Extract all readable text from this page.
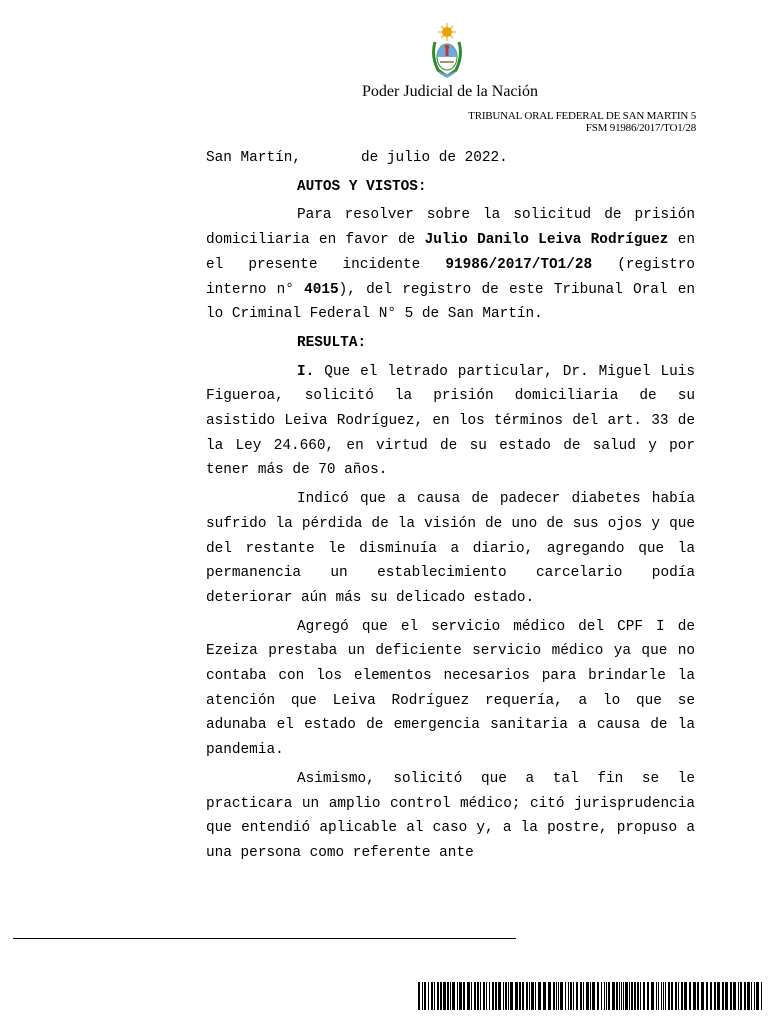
Poder Judicial de la Nación
TRIBUNAL ORAL FEDERAL DE SAN MARTIN 5
FSM 91986/2017/TO1/28

San Martín,	de julio de 2022.

AUTOS Y VISTOS:

Para resolver sobre la solicitud de prisión domiciliaria en favor de Julio Danilo Leiva Rodríguez en el presente incidente 91986/2017/TO1/28 (registro interno n° 4015), del registro de este Tribunal Oral en lo Criminal Federal N° 5 de San Martín.

RESULTA:

I. Que el letrado particular, Dr. Miguel Luis Figueroa, solicitó la prisión domiciliaria de su asistido Leiva Rodríguez, en los términos del art. 33 de la Ley 24.660, en virtud de su estado de salud y por tener más de 70 años.

Indicó que a causa de padecer diabetes había sufrido la pérdida de la visión de uno de sus ojos y que del restante le disminuía a diario, agregando que la permanencia un establecimiento carcelario podía deteriorar aún más su delicado estado.

Agregó que el servicio médico del CPF I de Ezeiza prestaba un deficiente servicio médico ya que no contaba con los elementos necesarios para brindarle la atención que Leiva Rodríguez requería, a lo que se adunaba el estado de emergencia sanitaria a causa de la pandemia.

Asimismo, solicitó que a tal fin se le practicara un amplio control médico; citó jurisprudencia que entendió aplicable al caso y, a la postre, propuso a una persona como referente ante
